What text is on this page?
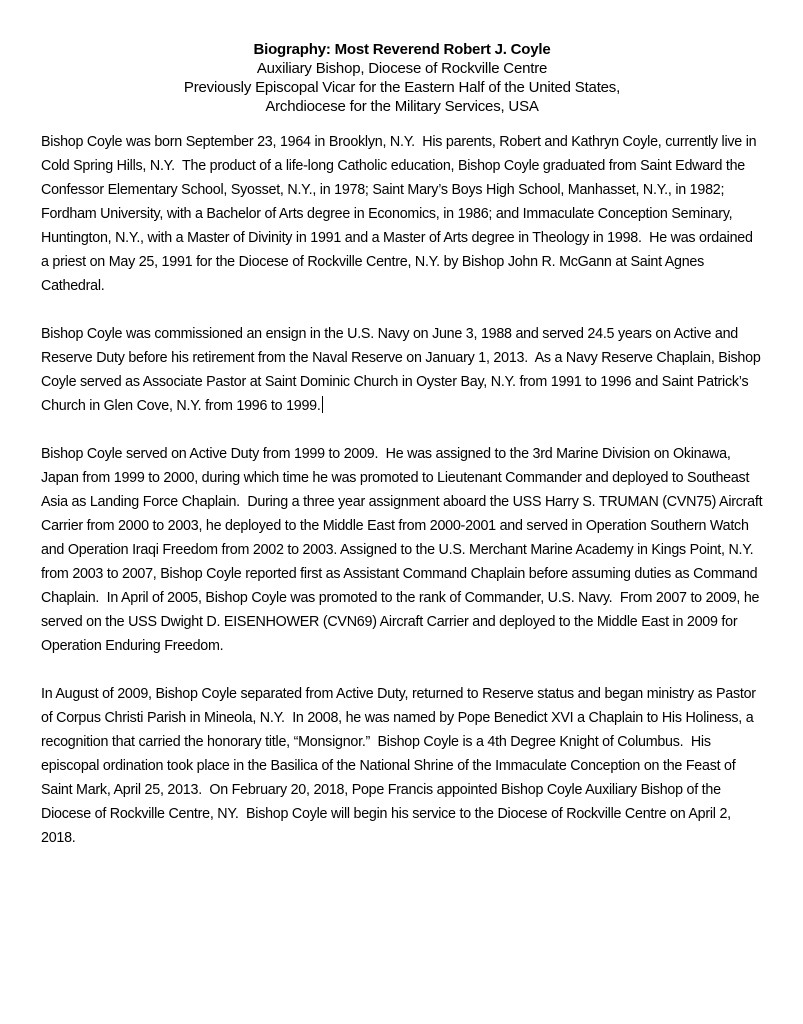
Biography: Most Reverend Robert J. Coyle

Auxiliary Bishop, Diocese of Rockville Centre

Previously Episcopal Vicar for the Eastern Half of the United States,

Archdiocese for the Military Services, USA

Bishop Coyle was born September 23, 1964 in Brooklyn, N.Y.  His parents, Robert and Kathryn Coyle, currently live in Cold Spring Hills, N.Y.  The product of a life-long Catholic education, Bishop Coyle graduated from Saint Edward the Confessor Elementary School, Syosset, N.Y., in 1978; Saint Mary’s Boys High School, Manhasset, N.Y., in 1982; Fordham University, with a Bachelor of Arts degree in Economics, in 1986; and Immaculate Conception Seminary, Huntington, N.Y., with a Master of Divinity in 1991 and a Master of Arts degree in Theology in 1998.  He was ordained a priest on May 25, 1991 for the Diocese of Rockville Centre, N.Y. by Bishop John R. McGann at Saint Agnes Cathedral.

Bishop Coyle was commissioned an ensign in the U.S. Navy on June 3, 1988 and served 24.5 years on Active and Reserve Duty before his retirement from the Naval Reserve on January 1, 2013.  As a Navy Reserve Chaplain, Bishop Coyle served as Associate Pastor at Saint Dominic Church in Oyster Bay, N.Y. from 1991 to 1996 and Saint Patrick’s Church in Glen Cove, N.Y. from 1996 to 1999.

Bishop Coyle served on Active Duty from 1999 to 2009.  He was assigned to the 3rd Marine Division on Okinawa, Japan from 1999 to 2000, during which time he was promoted to Lieutenant Commander and deployed to Southeast Asia as Landing Force Chaplain.  During a three year assignment aboard the USS Harry S. TRUMAN (CVN75) Aircraft Carrier from 2000 to 2003, he deployed to the Middle East from 2000-2001 and served in Operation Southern Watch and Operation Iraqi Freedom from 2002 to 2003. Assigned to the U.S. Merchant Marine Academy in Kings Point, N.Y. from 2003 to 2007, Bishop Coyle reported first as Assistant Command Chaplain before assuming duties as Command Chaplain.  In April of 2005, Bishop Coyle was promoted to the rank of Commander, U.S. Navy.  From 2007 to 2009, he served on the USS Dwight D. EISENHOWER (CVN69) Aircraft Carrier and deployed to the Middle East in 2009 for Operation Enduring Freedom.

In August of 2009, Bishop Coyle separated from Active Duty, returned to Reserve status and began ministry as Pastor of Corpus Christi Parish in Mineola, N.Y.  In 2008, he was named by Pope Benedict XVI a Chaplain to His Holiness, a recognition that carried the honorary title, “Monsignor.”  Bishop Coyle is a 4th Degree Knight of Columbus.  His episcopal ordination took place in the Basilica of the National Shrine of the Immaculate Conception on the Feast of Saint Mark, April 25, 2013.  On February 20, 2018, Pope Francis appointed Bishop Coyle Auxiliary Bishop of the Diocese of Rockville Centre, NY.  Bishop Coyle will begin his service to the Diocese of Rockville Centre on April 2, 2018.
